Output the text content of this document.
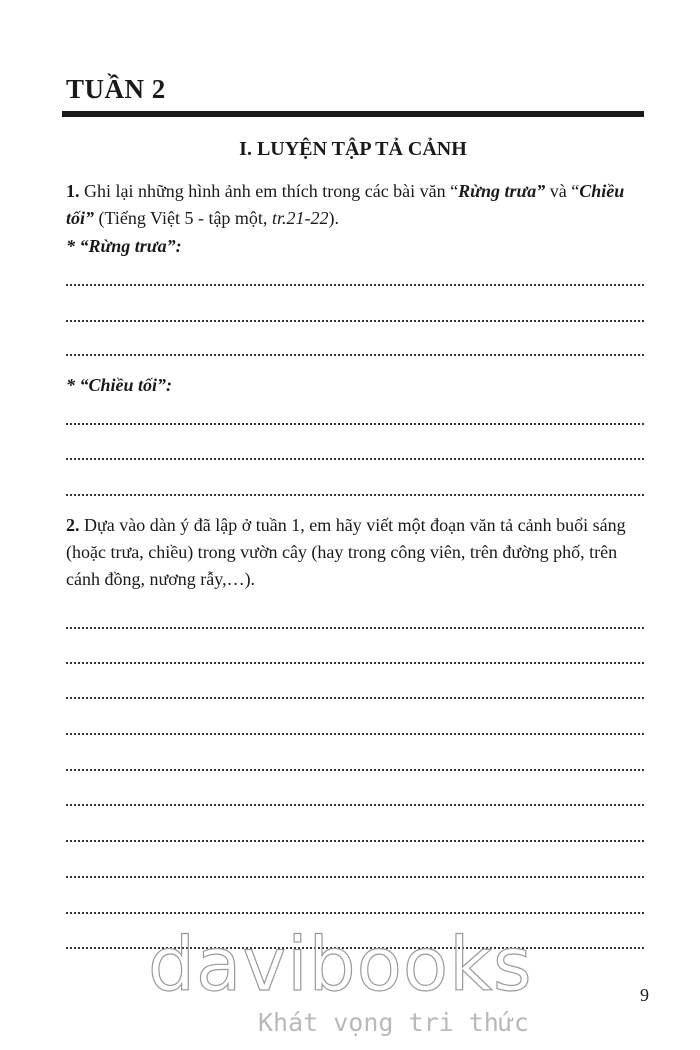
TUẦN 2
I. LUYỆN TẬP TẢ CẢNH
1. Ghi lại những hình ảnh em thích trong các bài văn “Rừng trưa” và “Chiều tối” (Tiếng Việt 5 - tập một, tr.21-22).
* “Rừng trưa”:
* “Chiều tối”:
2. Dựa vào dàn ý đã lập ở tuần 1, em hãy viết một đoạn văn tả cảnh buổi sáng (hoặc trưa, chiều) trong vườn cây (hay trong công viên, trên đường phố, trên cánh đồng, nương rẫy,…).
davibooks
Khát vọng tri thức
9
